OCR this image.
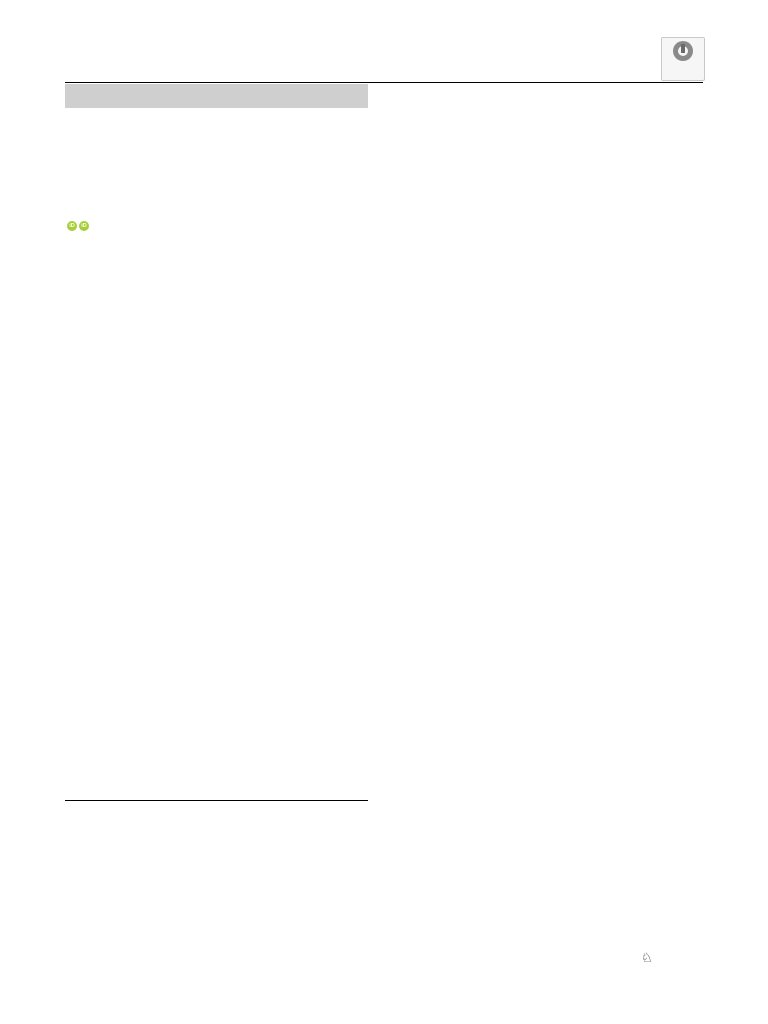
iDiD

♘
